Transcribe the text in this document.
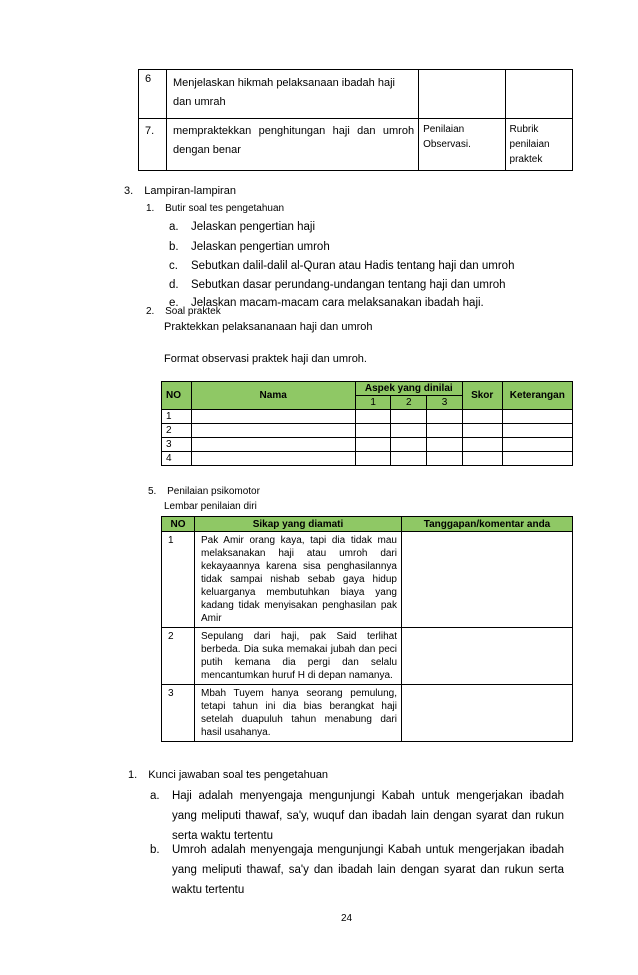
6	Menjelaskan hikmah pelaksanaan ibadah haji dan umrah		
7.	mempraktekkan penghitungan haji dan umroh dengan benar	Penilaian Observasi.	Rubrik penilaian praktek
3. Lampiran-lampiran
1. Butir soal tes pengetahuan
a. Jelaskan pengertian haji
b. Jelaskan pengertian umroh
c. Sebutkan dalil-dalil al-Quran atau Hadis tentang haji dan umroh
d. Sebutkan dasar perundang-undangan tentang haji dan umroh
e. Jelaskan macam-macam cara melaksanakan ibadah haji.
2. Soal praktek
Praktekkan pelaksananaan haji dan umroh
Format observasi praktek haji dan umroh.
NO	Nama	Aspek yang dinilai			Skor	Keterangan
		1	2	3		
1						
2						
3						
4						
5. Penilaian psikomotor
Lembar penilaian diri
NO	Sikap yang diamati	Tanggapan/komentar anda
1	Pak Amir orang kaya, tapi dia tidak mau melaksanakan haji atau umroh dari kekayaannya karena sisa penghasilannya tidak sampai nishab sebab gaya hidup keluarganya membutuhkan biaya yang kadang tidak menyisakan penghasilan pak Amir	
2	Sepulang dari haji, pak Said terlihat berbeda. Dia suka memakai jubah dan peci putih kemana dia pergi dan selalu mencantumkan huruf H di depan namanya.	
3	Mbah Tuyem hanya seorang pemulung, tetapi tahun ini dia bias berangkat haji setelah duapuluh tahun menabung dari hasil usahanya.	
1. Kunci jawaban soal tes pengetahuan
a. Haji adalah menyengaja mengunjungi Kabah untuk mengerjakan ibadah yang meliputi thawaf, sa'y, wuquf dan ibadah lain dengan syarat dan rukun serta waktu tertentu
b. Umroh adalah menyengaja mengunjungi Kabah untuk mengerjakan ibadah yang meliputi thawaf, sa'y dan ibadah lain dengan syarat dan rukun serta waktu tertentu
24
